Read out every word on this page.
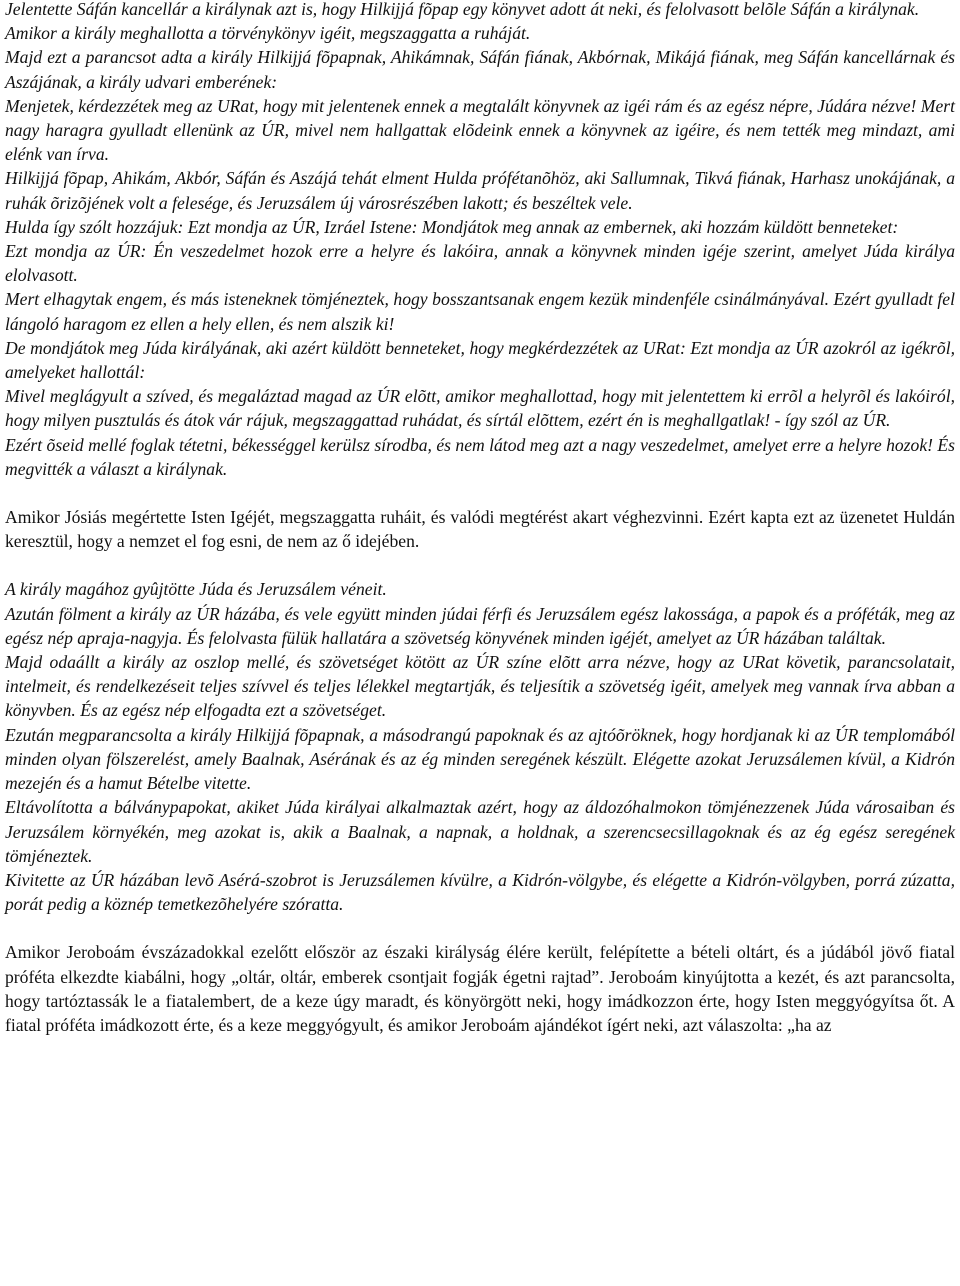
Jelentette Sáfán kancellár a királynak azt is, hogy Hilkijjá fõpap egy könyvet adott át neki, és felolvasott belõle Sáfán a királynak.

Amikor a király meghallotta a törvénykönyv igéit, megszaggatta a ruháját.

Majd ezt a parancsot adta a király Hilkijjá fõpapnak, Ahikámnak, Sáfán fiának, Akbórnak, Mikájá fiának, meg Sáfán kancellárnak és Aszájának, a király udvari emberének:

Menjetek, kérdezzétek meg az URat, hogy mit jelentenek ennek a megtalált könyvnek az igéi rám és az egész népre, Júdára nézve! Mert nagy haragra gyulladt ellenünk az ÚR, mivel nem hallgattak elõdeink ennek a könyvnek az igéire, és nem tették meg mindazt, ami elénk van írva.

Hilkijjá fõpap, Ahikám, Akbór, Sáfán és Aszájá tehát elment Hulda prófétanõhöz, aki Sallumnak, Tikvá fiának, Harhasz unokájának, a ruhák õrizõjének volt a felesége, és Jeruzsálem új városrészében lakott; és beszéltek vele.

Hulda így szólt hozzájuk: Ezt mondja az ÚR, Izráel Istene: Mondjátok meg annak az embernek, aki hozzám küldött benneteket:

Ezt mondja az ÚR: Én veszedelmet hozok erre a helyre és lakóira, annak a könyvnek minden igéje szerint, amelyet Júda királya elolvasott.

Mert elhagytak engem, és más isteneknek tömjéneztek, hogy bosszantsanak engem kezük mindenféle csinálmányával. Ezért gyulladt fel lángoló haragom ez ellen a hely ellen, és nem alszik ki!

De mondjátok meg Júda királyának, aki azért küldött benneteket, hogy megkérdezzétek az URat: Ezt mondja az ÚR azokról az igékrõl, amelyeket hallottál:

Mivel meglágyult a szíved, és megaláztad magad az ÚR elõtt, amikor meghallottad, hogy mit jelentettem ki errõl a helyrõl és lakóiról, hogy milyen pusztulás és átok vár rájuk, megszaggattad ruhádat, és sírtál elõttem, ezért én is meghallgatlak! - így szól az ÚR.

Ezért õseid mellé foglak tétetni, békességgel kerülsz sírodba, és nem látod meg azt a nagy veszedelmet, amelyet erre a helyre hozok! És megvitték a választ a királynak.

Amikor Jósiás megértette Isten Igéjét, megszaggatta ruháit, és valódi megtérést akart véghezvinni. Ezért kapta ezt az üzenetet Huldán keresztül, hogy a nemzet el fog esni, de nem az ő idejében.

A király magához gyûjtötte Júda és Jeruzsálem véneit.

Azután fölment a király az ÚR házába, és vele együtt minden júdai férfi és Jeruzsálem egész lakossága, a papok és a próféták, meg az egész nép apraja-nagyja. És felolvasta fülük hallatára a szövetség könyvének minden igéjét, amelyet az ÚR házában találtak.

Majd odaállt a király az oszlop mellé, és szövetséget kötött az ÚR színe elõtt arra nézve, hogy az URat követik, parancsolatait, intelmeit, és rendelkezéseit teljes szívvel és teljes lélekkel megtartják, és teljesítik a szövetség igéit, amelyek meg vannak írva abban a könyvben. És az egész nép elfogadta ezt a szövetséget.

Ezután megparancsolta a király Hilkijjá fõpapnak, a másodrangú papoknak és az ajtóõröknek, hogy hordjanak ki az ÚR templomából minden olyan fölszerelést, amely Baalnak, Asérának és az ég minden seregének készült. Elégette azokat Jeruzsálemen kívül, a Kidrón mezején és a hamut Bételbe vitette.

Eltávolította a bálványpapokat, akiket Júda királyai alkalmaztak azért, hogy az áldozóhalmokon tömjénezzenek Júda városaiban és Jeruzsálem környékén, meg azokat is, akik a Baalnak, a napnak, a holdnak, a szerencsecsillagoknak és az ég egész seregének tömjéneztek.

Kivitette az ÚR házában levõ Asérá-szobrot is Jeruzsálemen kívülre, a Kidrón-völgybe, és elégette a Kidrón-völgyben, porrá zúzatta, porát pedig a köznép temetkezõhelyére szóratta.

Amikor Jeroboám évszázadokkal ezelőtt először az északi királyság élére került, felépítette a bételi oltárt, és a júdából jövő fiatal próféta elkezdte kiabálni, hogy „oltár, oltár, emberek csontjait fogják égetni rajtad”. Jeroboám kinyújtotta a kezét, és azt parancsolta, hogy tartóztassák le a fiatalembert, de a keze úgy maradt, és könyörgött neki, hogy imádkozzon érte, hogy Isten meggyógyítsa őt. A fiatal próféta imádkozott érte, és a keze meggyógyult, és amikor Jeroboám ajándékot ígért neki, azt válaszolta: „ha az
